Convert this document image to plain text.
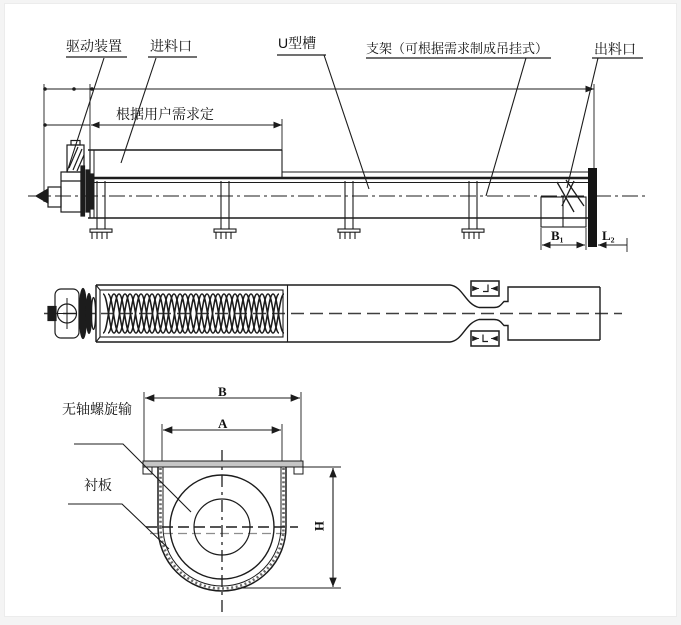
驱动装置 进料口	U型槽	支架（可根据需求制成吊挂式）	出料口
根据用户需求定
B₁	L₂
无轴螺旋输
衬板
B
A
H
